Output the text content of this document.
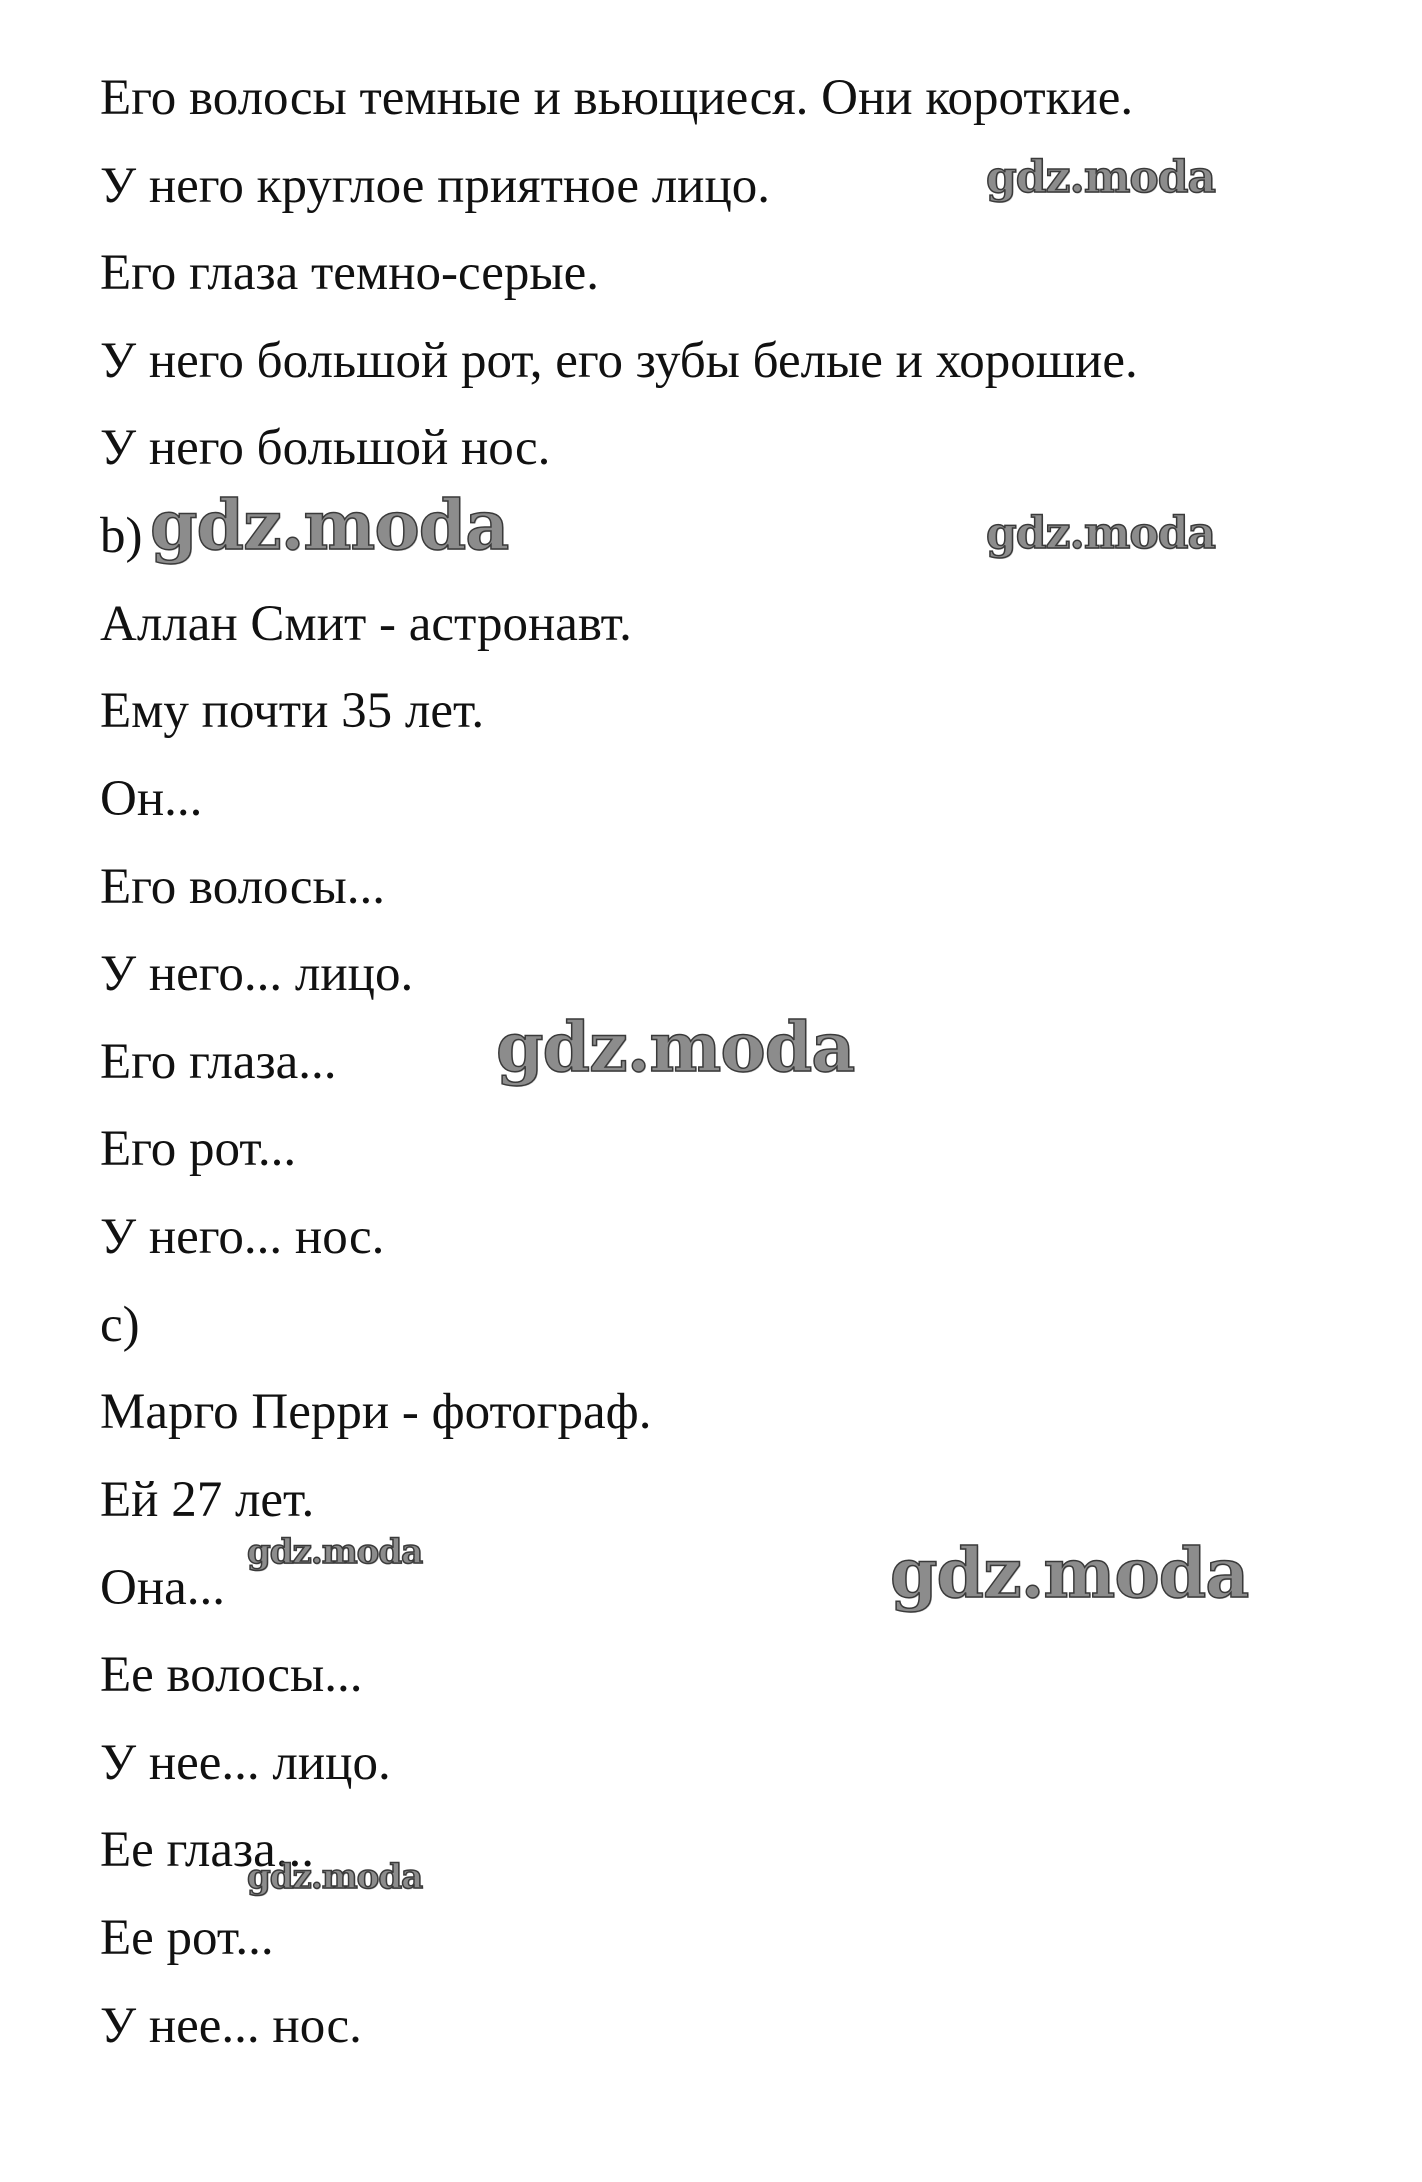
Его волосы темные и вьющиеся. Они короткие.

У него круглое приятное лицо.

Его глаза темно-серые.

У него большой рот, его зубы белые и хорошие.

У него большой нос.

b)

Аллан Смит - астронавт.

Ему почти 35 лет.

Он...

Его волосы...

У него... лицо.

Его глаза...

Его рот...

У него... нос.

c)

Марго Перри - фотограф.

Ей 27 лет.

Она...

Ее волосы...

У нее... лицо.

Ее глаза...

Ее рот...

У нее... нос.

gdz.moda
gdz.moda	gdz.moda
gdz.moda
gdz.moda	gdz.moda
gdz.moda
